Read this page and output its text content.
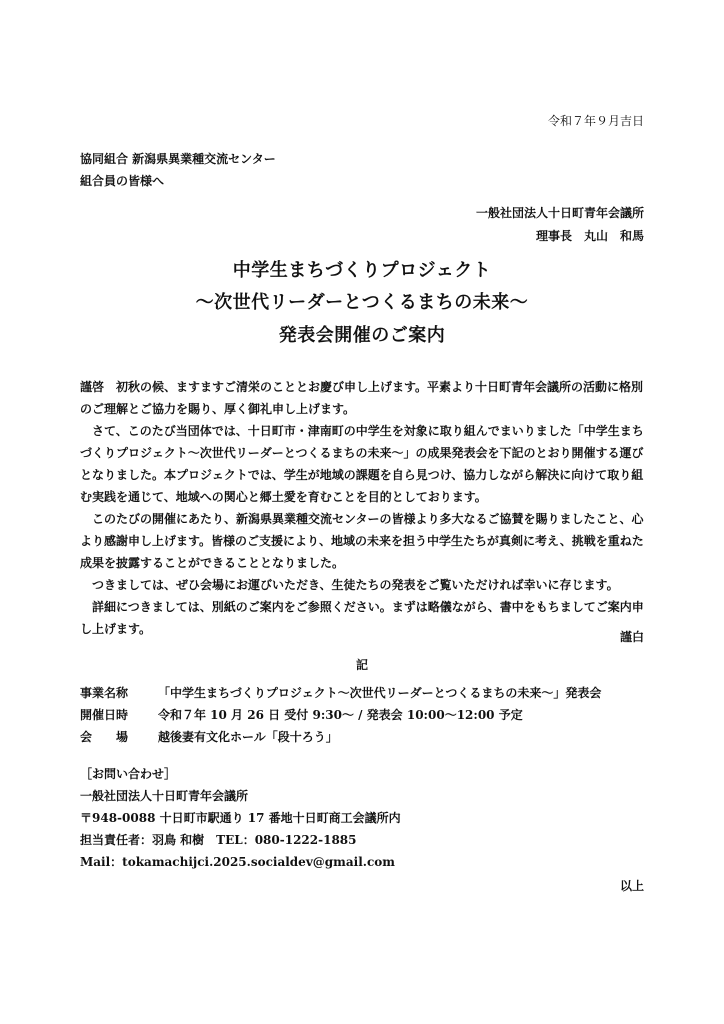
令和７年９月吉日
協同組合 新潟県異業種交流センター
組合員の皆様へ
一般社団法人十日町青年会議所
理事長　丸山　和馬
中学生まちづくりプロジェクト
～次世代リーダーとつくるまちの未来～
発表会開催のご案内

謹啓　初秋の候、ますますご清栄のこととお慶び申し上げます。平素より十日町青年会議所の活動に格別のご理解とご協力を賜り、厚く御礼申し上げます。

さて、このたび当団体では、十日町市・津南町の中学生を対象に取り組んでまいりました「中学生まちづくりプロジェクト～次世代リーダーとつくるまちの未来～」の成果発表会を下記のとおり開催する運びとなりました。本プロジェクトでは、学生が地域の課題を自ら見つけ、協力しながら解決に向けて取り組む実践を通じて、地域への関心と郷土愛を育むことを目的としております。

このたびの開催にあたり、新潟県異業種交流センターの皆様より多大なるご協賛を賜りましたこと、心より感謝申し上げます。皆様のご支援により、地域の未来を担う中学生たちが真剣に考え、挑戦を重ねた成果を披露することができることとなりました。

つきましては、ぜひ会場にお運びいただき、生徒たちの発表をご覧いただければ幸いに存じます。

詳細につきましては、別紙のご案内をご参照ください。まずは略儀ながら、書中をもちましてご案内申し上げます。

謹白
記
事業名称 「中学生まちづくりプロジェクト～次世代リーダーとつくるまちの未来～」発表会
開催日時 令和７年 10 月 26 日 受付 9:30～ / 発表会 10:00～12:00 予定
会　　場 越後妻有文化ホール「段十ろう」
［お問い合わせ］
一般社団法人十日町青年会議所
〒948-0088 十日町市駅通り 17 番地十日町商工会議所内
担当責任者：羽鳥 和樹　TEL：080-1222-1885
Mail：tokamachijci.2025.socialdev@gmail.com
以上
